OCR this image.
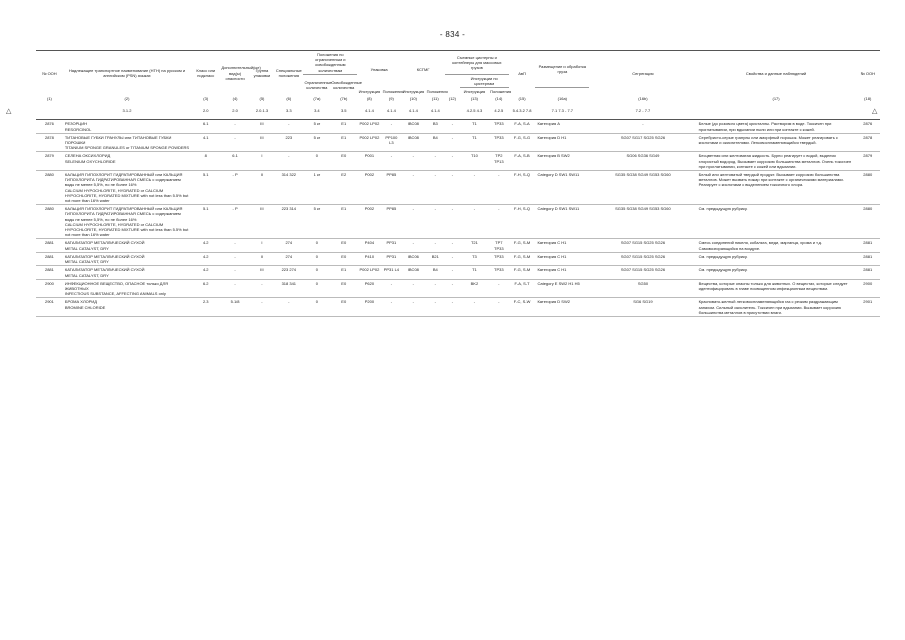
- 834 -
№ ООН	Надлежащее транспортное наименование (НТН) на русском и английском (PSN) языках	Класс или подкласс	Дополнительный(ые) вид(ы) опасности	Группа упаковки	Специальные положения	Положения по ограниченным и освобожденным количествам		Упаковка		КСГМГ		Съемные цистерны и контейнеры для массовых грузов			АвП	Размещение и обработка груза	Сегрегация	Свойства и данные наблюдений	№ ООН
						Ограниченные количества	Освобожденные количества						Инструкции по цистернам						
								Инструкция	Положения	Инструкция	Положения		Инструкция	Положения					
(1)	(2)	(3)	(4)	(5)	(6)	(7a)	(7b)	(8)	(9)	(10)	(11)	(12)	(13)	(14)	(15)	(16a)	(16b)	(17)	(18)
	3.1.2	2.0	2.0	2.0.1.3	3.3	3.4	3.5	4.1.4	4.1.4	4.1.4	4.1.4		4.2.5 4.3	4.2.5	5.4.3.2 7.8	7.1 7.3 - 7.7	7.2 - 7.7		
2876	РЕЗОРЦИН
RESORCINOL	6.1	-	III	-	5 кг	E1	P002 LP02	-	IBC08	B3	-	T1	TP33	F-A, S-A	Категория A	-	Белые (до розового цвета) кристаллы. Растворим в воде. Токсичен при проглатывании, при вдыхании пыли или при контакте с кожей.	2876
2878	ТИТАНОВЫЕ ГУБКИ ГРАНУЛЫ или ТИТАНОВЫЕ ГУБКИ ПОРОШКИ
TITANIUM SPONGE GRANULES or TITANIUM SPONGE POWDERS	4.1	-	III	223	5 кг	E1	P002 LP02	PP100 L3	IBC08	B4	-	T1	TP33	F-G, S-G	Категория D H1	SG07 SG17 SG25 SG26	Серебристо-серые гранулы или аморфный порошок. Может реагировать с кислотами и окислителями. Легковоспламеняющийся твердый.	2878
2879	СЕЛЕНА ОКСИХЛОРИД
SELENIUM OXYCHLORIDE	8	6.1	I	-	0	E0	P001	-	-	-	-	T10	TP2 TP13	F-A, S-B	Категория B SW2	SG06 SG36 SG49	Бесцветная или желтоватая жидкость. Бурно реагирует с водой, выделяя хлористый водород. Вызывает коррозию большинства металлов. Очень токсичен при проглатывании, контакте с кожей или вдыхании.	2879
2880	КАЛЬЦИЯ ГИПОХЛОРИТ ГИДРАТИРОВАННЫЙ или КАЛЬЦИЯ ГИПОХЛОРИТА ГИДРАТИРОВАННАЯ СМЕСЬ с содержанием воды не менее 5,5%, но не более 16%
CALCIUM HYPOCHLORITE, HYDRATED or CALCIUM HYPOCHLORITE, HYDRATED MIXTURE with not less than 5.5% but not more than 16% water	5.1	- P	II	314 322	1 кг	E2	P002	PP85	-	-	-	-	-	F-H, S-Q	Category D SW1 SW11	SG35 SG38 SG49 SG53 SG60	Белый или желтоватый твердый продукт. Вызывает коррозию большинства металлов. Может вызвать пожар при контакте с органическими материалами. Реагирует с кислотами с выделением токсичного хлора.	2880
2880	КАЛЬЦИЯ ГИПОХЛОРИТ ГИДРАТИРОВАННЫЙ или КАЛЬЦИЯ ГИПОХЛОРИТА ГИДРАТИРОВАННАЯ СМЕСЬ с содержанием воды не менее 5,5%, но не более 16%
CALCIUM HYPOCHLORITE, HYDRATED or CALCIUM HYPOCHLORITE, HYDRATED MIXTURE with not less than 5.5% but not more than 16% water	5.1	- P	III	223 314	5 кг	E1	P002	PP85	-	-	-	-	-	F-H, S-Q	Category D SW1 SW11	SG35 SG38 SG49 SG53 SG60	См. предыдущую рубрику.	2880
2881	КАТАЛИЗАТОР МЕТАЛЛИЧЕСКИЙ СУХОЙ
METAL CATALYST, DRY	4.2	-	I	274	0	E0	P404	PP31	-	-	-	T21	TP7 TP33	F-G, S-M	Категория C H1	SG07 SG15 SG25 SG26	Смесь соединений никеля, кобальта, меди, марганца, хрома и т.д. Самовозгорающийся на воздухе.	2881
2881	КАТАЛИЗАТОР МЕТАЛЛИЧЕСКИЙ СУХОЙ
METAL CATALYST, DRY	4.2	-	II	274	0	E0	P410	PP31	IBC06	B21	-	T3	TP33	F-G, S-M	Категория C H1	SG07 SG15 SG25 SG26	См. предыдущую рубрику.	2881
2881	КАТАЛИЗАТОР МЕТАЛЛИЧЕСКИЙ СУХОЙ
METAL CATALYST, DRY	4.2	-	III	223 274	0	E1	P002 LP02	PP31 L4	IBC08	B4	-	T1	TP33	F-G, S-M	Категория C H1	SG07 SG15 SG25 SG26	См. предыдущую рубрику.	2881
2900	ИНФЕКЦИОННОЕ ВЕЩЕСТВО, ОПАСНОЕ только ДЛЯ ЖИВОТНЫХ
INFECTIOUS SUBSTANCE, AFFECTING ANIMALS only	6.2	-	-	318 341	0	E0	P620	-	-	-	-	BK2	-	F-A, S-T	Category E SW2 H1 H5	SG50	Вещества, которые опасны только для животных. О вещестах, которые следует идентифицировать в главе посвященном инфекционным веществам.	2900
2901	БРОМА ХЛОРИД
BROMINE CHLORIDE	2.3	5.1/8	-	-	0	E0	P200	-	-	-	-	-	-	F-C, S-W	Категория D SW2	SG6 SG19	Красновато-желтый легковоспламеняющийся газ с резким раздражающим запахом. Сильный окислитель. Токсичен при вдыхании. Вызывает коррозию большинства металлов в присутствии влаги.	2901
△	△
